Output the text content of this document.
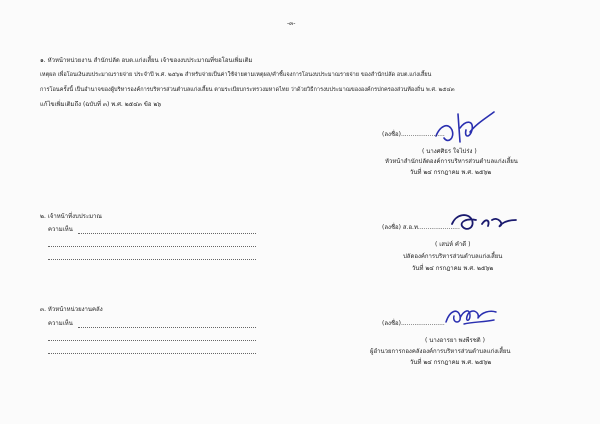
-๓-
๑. หัวหน้าหน่วยงาน สำนักปลัด อบต.แก่งเสี้ยน เจ้าของงบประมาณที่ขอโอนเพิ่มเติม
เหตุผล เพื่อโอนเงินงบประมาณรายจ่าย ประจำปี พ.ศ. ๒๕๖๒ สำหรับจ่ายเป็นค่าใช้จ่ายตามเหตุผล/คำชี้แจงการโอนงบประมาณรายจ่าย ของสำนักปลัด อบต.แก่งเสี้ยน
การโอนครั้งนี้ เป็นอำนาจของผู้บริหารองค์การบริหารส่วนตำบลแก่งเสี้ยน ตามระเบียบกระทรวงมหาดไทย ว่าด้วยวิธีการงบประมาณขององค์กรปกครองส่วนท้องถิ่น พ.ศ. ๒๕๔๓
แก้ไขเพิ่มเติมถึง (ฉบับที่ ๓) พ.ศ. ๒๕๔๓ ข้อ ๒๖
(ลงชื่อ).......................
( นางศศิธร ใจไปร่ง )
หัวหน้าสำนักปลัดองค์การบริหารส่วนตำบลแก่งเสี้ยน
วันที่ ๒๔ กรกฎาคม พ.ศ. ๒๕๖๒
๒. เจ้าหน้าที่งบประมาณ
ความเห็น	(ลงชื่อ) ส.อ.ท......................
( เสน่ห์ คำดี )
ปลัดองค์การบริหารส่วนตำบลแก่งเสี้ยน
วันที่ ๒๔ กรกฎาคม พ.ศ. ๒๕๖๒
๓. หัวหน้าหน่วยงานคลัง
ความเห็น	(ลงชื่อ).......................
( นางอารยา พงพีรชติ )
ผู้อำนวยการกองคลังองค์การบริหารส่วนตำบลแก่งเสี้ยน
วันที่ ๒๔ กรกฎาคม พ.ศ. ๒๕๖๒
